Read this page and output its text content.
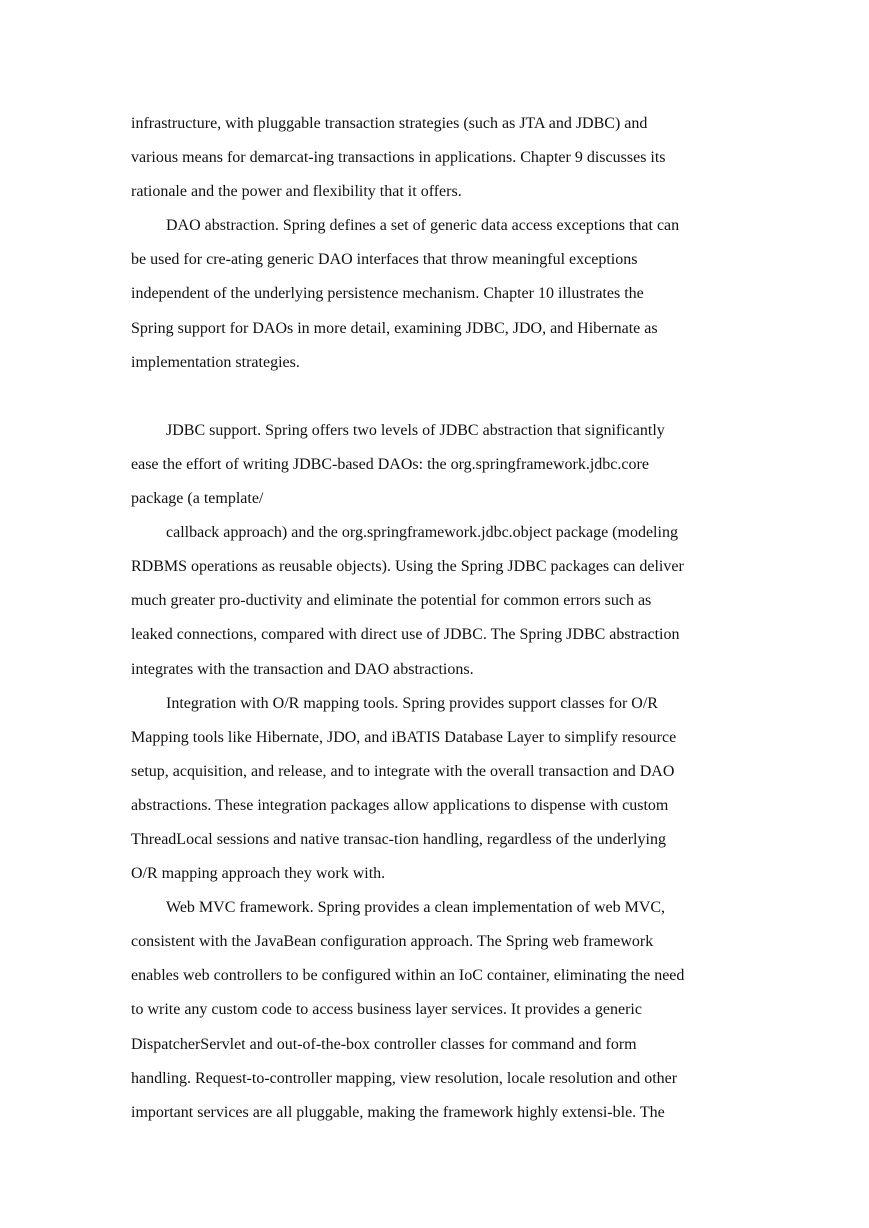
infrastructure, with pluggable transaction strategies (such as JTA and JDBC) and
various means for demarcat-ing transactions in applications. Chapter 9 discusses its
rationale and the power and flexibility that it offers.
DAO abstraction. Spring defines a set of generic data access exceptions that can
be used for cre-ating generic DAO interfaces that throw meaningful exceptions
independent of the underlying persistence mechanism. Chapter 10 illustrates the
Spring support for DAOs in more detail, examining JDBC, JDO, and Hibernate as
implementation strategies.
JDBC support. Spring offers two levels of JDBC abstraction that significantly
ease the effort of writing JDBC-based DAOs: the org.springframework.jdbc.core
package (a template/
callback approach) and the org.springframework.jdbc.object package (modeling
RDBMS operations as reusable objects). Using the Spring JDBC packages can deliver
much greater pro-ductivity and eliminate the potential for common errors such as
leaked connections, compared with direct use of JDBC. The Spring JDBC abstraction
integrates with the transaction and DAO abstractions.
Integration with O/R mapping tools. Spring provides support classes for O/R
Mapping tools like Hibernate, JDO, and iBATIS Database Layer to simplify resource
setup, acquisition, and release, and to integrate with the overall transaction and DAO
abstractions. These integration packages allow applications to dispense with custom
ThreadLocal sessions and native transac-tion handling, regardless of the underlying
O/R mapping approach they work with.
Web MVC framework. Spring provides a clean implementation of web MVC,
consistent with the JavaBean configuration approach. The Spring web framework
enables web controllers to be configured within an IoC container, eliminating the need
to write any custom code to access business layer services. It provides a generic
DispatcherServlet and out-of-the-box controller classes for command and form
handling. Request-to-controller mapping, view resolution, locale resolution and other
important services are all pluggable, making the framework highly extensi-ble. The
